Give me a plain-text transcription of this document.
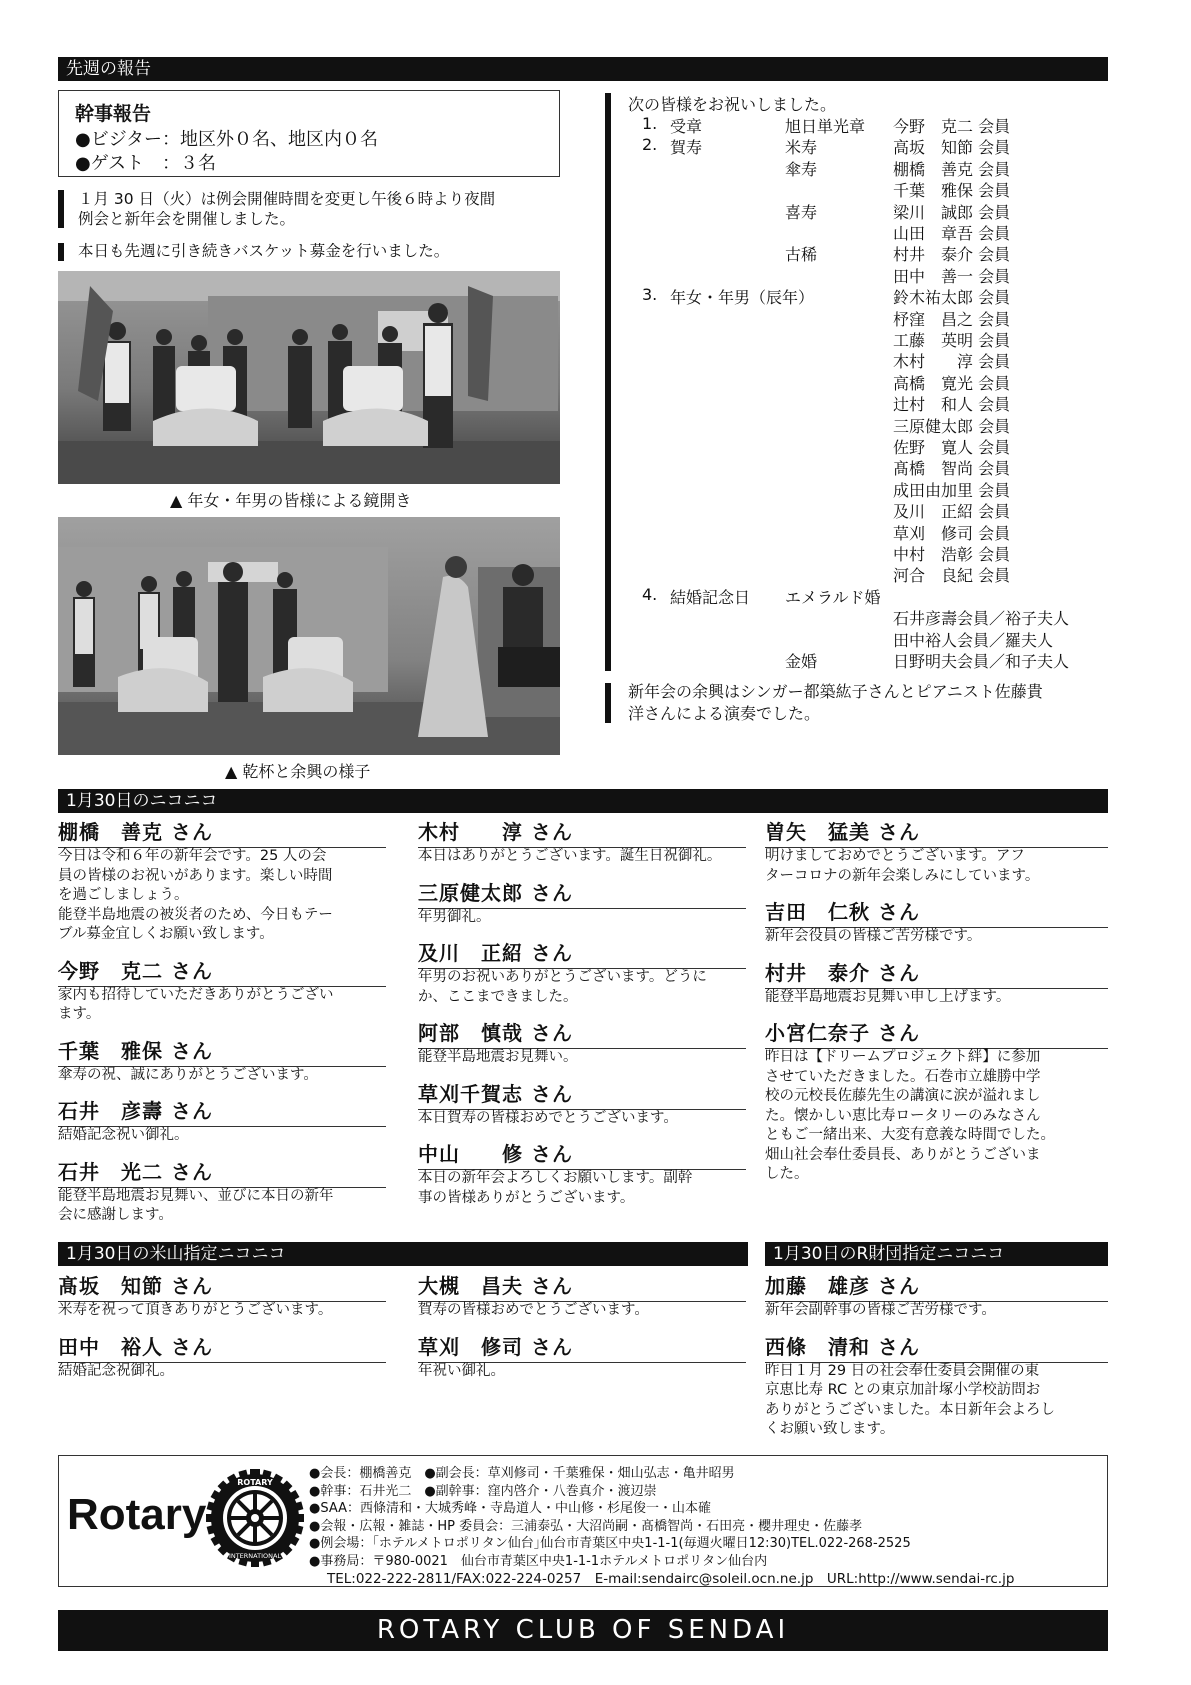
先週の報告
幹事報告
●ビジター：地区外０名、地区内０名
●ゲスト　：３名
１月 30 日（火）は例会開催時間を変更し午後６時より夜間
例会と新年会を開催しました。
本日も先週に引き続きバスケット募金を行いました。
▲ 年女・年男の皆様による鏡開き
▲ 乾杯と余興の様子
次の皆様をお祝いしました。
1. 受章	旭日単光章 今野　克二 会員
2. 賀寿	米寿	高坂　知節 会員
傘寿	棚橋　善克 会員
千葉　雅保 会員
喜寿	梁川　誠郎 会員
山田　章吾 会員
古稀	村井　泰介 会員
田中　善一 会員
3. 年女・年男（辰年）	鈴木祐太郎 会員
杼窪　昌之 会員
工藤　英明 会員
木村　　淳 会員
高橋　寛光 会員
辻村　和人 会員
三原健太郎 会員
佐野　寛人 会員
髙橋　智尚 会員
成田由加里 会員
及川　正紹 会員
草刈　修司 会員
中村　浩彰 会員
河合　良紀 会員
4. 結婚記念日 エメラルド婚
石井彦壽会員／裕子夫人
田中裕人会員／羅夫人
金婚	日野明夫会員／和子夫人
新年会の余興はシンガー都築紘子さんとピアニスト佐藤貴
洋さんによる演奏でした。
1月30日のニコニコ
棚橋　善克 さん
今日は令和６年の新年会です。25 人の会
員の皆様のお祝いがあります。楽しい時間
を過ごしましょう。
能登半島地震の被災者のため、今日もテー
ブル募金宜しくお願い致します。
今野　克二 さん
家内も招待していただきありがとうござい
ます。
千葉　雅保 さん
傘寿の祝、誠にありがとうございます。
石井　彦壽 さん
結婚記念祝い御礼。
石井　光二 さん
能登半島地震お見舞い、並びに本日の新年
会に感謝します。
木村　　淳 さん
本日はありがとうございます。誕生日祝御礼。
三原健太郎 さん
年男御礼。
及川　正紹 さん
年男のお祝いありがとうございます。どうに
か、ここまできました。
阿部　慎哉 さん
能登半島地震お見舞い。
草刈千賀志 さん
本日賀寿の皆様おめでとうございます。
中山　　修 さん
本日の新年会よろしくお願いします。副幹
事の皆様ありがとうございます。
曽矢　猛美 さん
明けましておめでとうございます。アフ
ターコロナの新年会楽しみにしています。
吉田　仁秋 さん
新年会役員の皆様ご苦労様です。
村井　泰介 さん
能登半島地震お見舞い申し上げます。
小宮仁奈子 さん
昨日は【ドリームプロジェクト絆】に参加
させていただきました。石巻市立雄勝中学
校の元校長佐藤先生の講演に涙が溢れまし
た。懐かしい恵比寿ロータリーのみなさん
ともご一緒出来、大変有意義な時間でした。
畑山社会奉仕委員長、ありがとうございま
した。
1月30日の米山指定ニコニコ	1月30日のR財団指定ニコニコ
髙坂　知節 さん
米寿を祝って頂きありがとうございます。
田中　裕人 さん
結婚記念祝御礼。
大槻　昌夫 さん
賀寿の皆様おめでとうございます。
草刈　修司 さん
年祝い御礼。
加藤　雄彦 さん
新年会副幹事の皆様ご苦労様です。
西條　清和 さん
昨日１月 29 日の社会奉仕委員会開催の東
京恵比寿 RC との東京加計塚小学校訪問お
ありがとうございました。本日新年会よろし
くお願い致します。
Rotary
ROTARY
INTERNATIONAL
●会長：棚橋善克　●副会長：草刈修司・千葉雅保・畑山弘志・亀井昭男
●幹事：石井光二　●副幹事：窪内啓介・八巻真介・渡辺崇
●SAA：西條清和・大城秀峰・寺島道人・中山修・杉尾俊一・山本確
●会報・広報・雑誌・HP 委員会：三浦泰弘・大沼尚嗣・髙橋智尚・石田亮・櫻井理史・佐藤孝
●例会場：｢ホテルメトロポリタン仙台｣仙台市青葉区中央1-1-1(毎週火曜日12:30)TEL.022-268-2525
●事務局：〒980-0021　仙台市青葉区中央1-1-1ホテルメトロポリタン仙台内
TEL:022-222-2811/FAX:022-224-0257　E-mail:sendairc@soleil.ocn.ne.jp　URL:http://www.sendai-rc.jp
ROTARY CLUB OF SENDAI
